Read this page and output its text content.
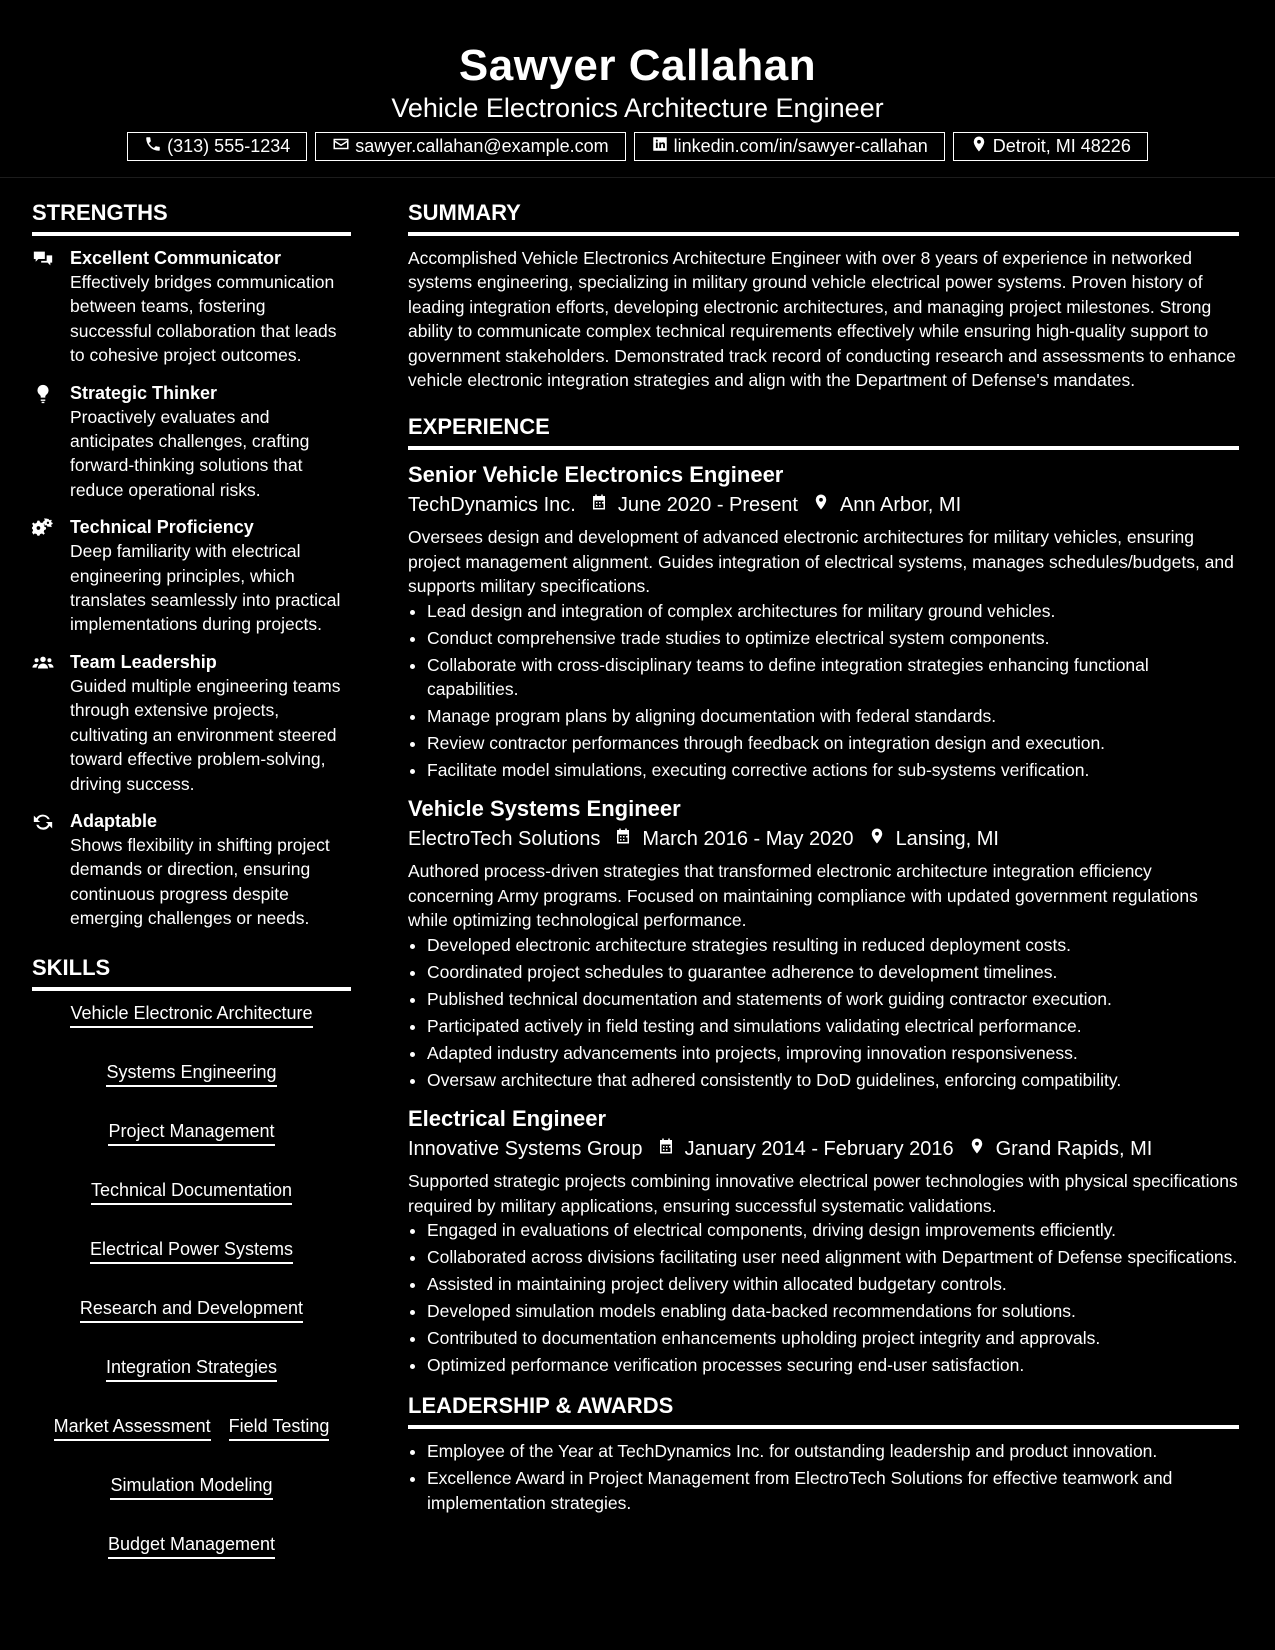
Sawyer Callahan
Vehicle Electronics Architecture Engineer
(313) 555-1234	sawyer.callahan@example.com	linkedin.com/in/sawyer-callahan	Detroit, MI 48226
STRENGTHS
Excellent Communicator
Effectively bridges communication between teams, fostering successful collaboration that leads to cohesive project outcomes.
Strategic Thinker
Proactively evaluates and anticipates challenges, crafting forward-thinking solutions that reduce operational risks.
Technical Proficiency
Deep familiarity with electrical engineering principles, which translates seamlessly into practical implementations during projects.
Team Leadership
Guided multiple engineering teams through extensive projects, cultivating an environment steered toward effective problem-solving, driving success.
Adaptable
Shows flexibility in shifting project demands or direction, ensuring continuous progress despite emerging challenges or needs.
SKILLS
Vehicle Electronic Architecture
Systems Engineering
Project Management
Technical Documentation
Electrical Power Systems
Research and Development
Integration Strategies
Market Assessment Field Testing
Simulation Modeling
Budget Management
SUMMARY
Accomplished Vehicle Electronics Architecture Engineer with over 8 years of experience in networked systems engineering, specializing in military ground vehicle electrical power systems. Proven history of leading integration efforts, developing electronic architectures, and managing project milestones. Strong ability to communicate complex technical requirements effectively while ensuring high-quality support to government stakeholders. Demonstrated track record of conducting research and assessments to enhance vehicle electronic integration strategies and align with the Department of Defense's mandates.
EXPERIENCE
Senior Vehicle Electronics Engineer
TechDynamics Inc. June 2020 - Present Ann Arbor, MI
Oversees design and development of advanced electronic architectures for military vehicles, ensuring project management alignment. Guides integration of electrical systems, manages schedules/budgets, and supports military specifications.
• Lead design and integration of complex architectures for military ground vehicles.
• Conduct comprehensive trade studies to optimize electrical system components.
• Collaborate with cross-disciplinary teams to define integration strategies enhancing functional capabilities.
• Manage program plans by aligning documentation with federal standards.
• Review contractor performances through feedback on integration design and execution.
• Facilitate model simulations, executing corrective actions for sub-systems verification.
Vehicle Systems Engineer
ElectroTech Solutions March 2016 - May 2020 Lansing, MI
Authored process-driven strategies that transformed electronic architecture integration efficiency concerning Army programs. Focused on maintaining compliance with updated government regulations while optimizing technological performance.
• Developed electronic architecture strategies resulting in reduced deployment costs.
• Coordinated project schedules to guarantee adherence to development timelines.
• Published technical documentation and statements of work guiding contractor execution.
• Participated actively in field testing and simulations validating electrical performance.
• Adapted industry advancements into projects, improving innovation responsiveness.
• Oversaw architecture that adhered consistently to DoD guidelines, enforcing compatibility.
Electrical Engineer
Innovative Systems Group January 2014 - February 2016 Grand Rapids, MI
Supported strategic projects combining innovative electrical power technologies with physical specifications required by military applications, ensuring successful systematic validations.
• Engaged in evaluations of electrical components, driving design improvements efficiently.
• Collaborated across divisions facilitating user need alignment with Department of Defense specifications.
• Assisted in maintaining project delivery within allocated budgetary controls.
• Developed simulation models enabling data-backed recommendations for solutions.
• Contributed to documentation enhancements upholding project integrity and approvals.
• Optimized performance verification processes securing end-user satisfaction.
LEADERSHIP & AWARDS
• Employee of the Year at TechDynamics Inc. for outstanding leadership and product innovation.
• Excellence Award in Project Management from ElectroTech Solutions for effective teamwork and implementation strategies.
